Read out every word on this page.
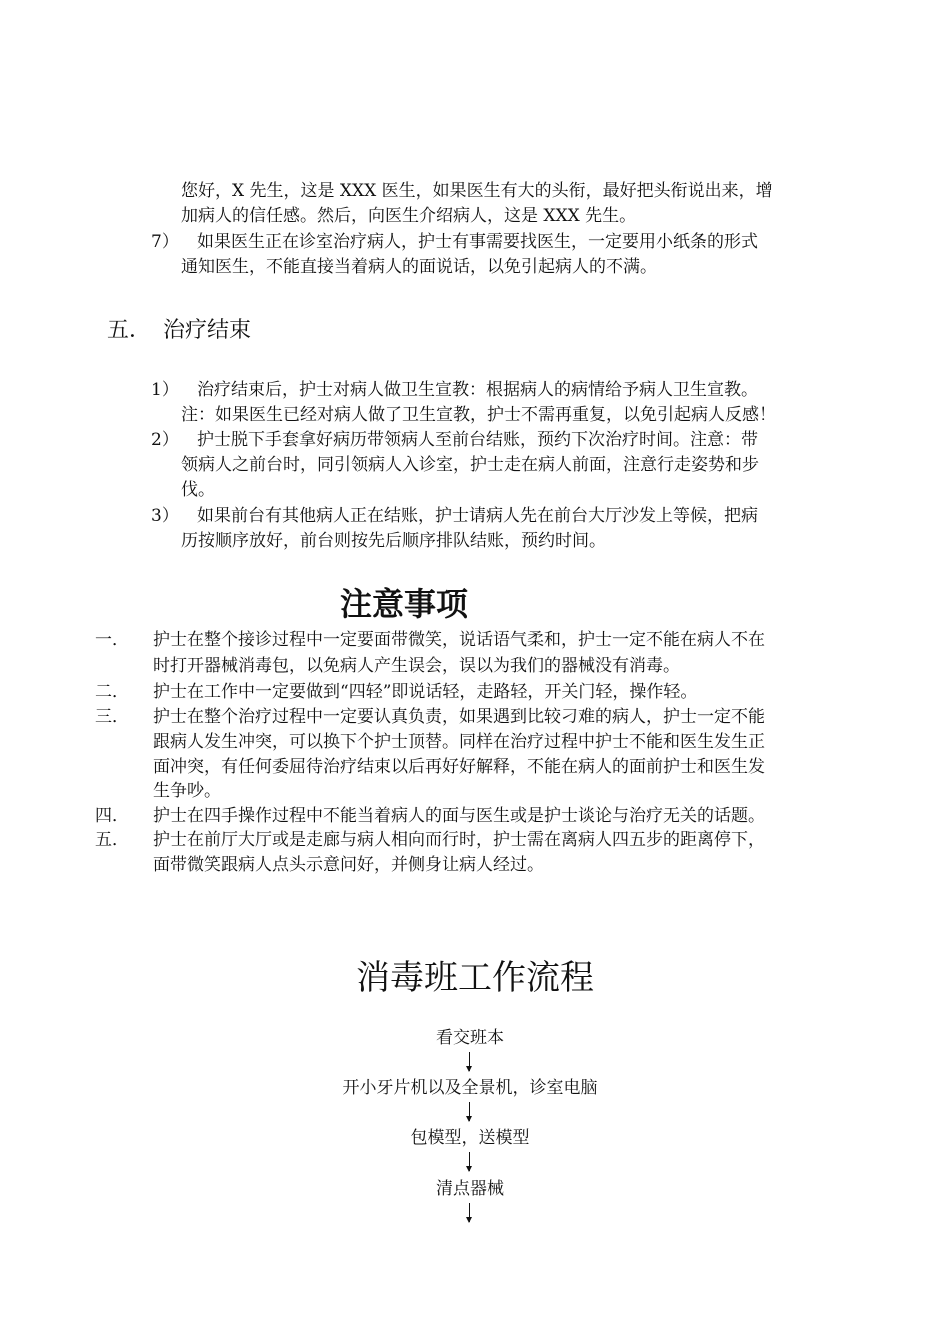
您好，X 先生，这是 XXX 医生，如果医生有大的头衔，最好把头衔说出来，增
加病人的信任感。然后，向医生介绍病人，这是 XXX 先生。
7） 如果医生正在诊室治疗病人，护士有事需要找医生，一定要用小纸条的形式
通知医生，不能直接当着病人的面说话，以免引起病人的不满。
五． 治疗结束
1） 治疗结束后，护士对病人做卫生宣教：根据病人的病情给予病人卫生宣教。
注：如果医生已经对病人做了卫生宣教，护士不需再重复，以免引起病人反感！
2） 护士脱下手套拿好病历带领病人至前台结账，预约下次治疗时间。注意：带
领病人之前台时，同引领病人入诊室，护士走在病人前面，注意行走姿势和步
伐。
3） 如果前台有其他病人正在结账，护士请病人先在前台大厅沙发上等候，把病
历按顺序放好，前台则按先后顺序排队结账，预约时间。
注意事项
一． 护士在整个接诊过程中一定要面带微笑，说话语气柔和，护士一定不能在病人不在
时打开器械消毒包，以免病人产生误会，误以为我们的器械没有消毒。
二． 护士在工作中一定要做到“四轻”即说话轻，走路轻，开关门轻，操作轻。
三． 护士在整个治疗过程中一定要认真负责，如果遇到比较刁难的病人，护士一定不能
跟病人发生冲突，可以换下个护士顶替。同样在治疗过程中护士不能和医生发生正
面冲突，有任何委屈待治疗结束以后再好好解释，不能在病人的面前护士和医生发
生争吵。
四． 护士在四手操作过程中不能当着病人的面与医生或是护士谈论与治疗无关的话题。
五． 护士在前厅大厅或是走廊与病人相向而行时，护士需在离病人四五步的距离停下，
面带微笑跟病人点头示意问好，并侧身让病人经过。
消毒班工作流程
看交班本
开小牙片机以及全景机，诊室电脑
包模型，送模型
清点器械
